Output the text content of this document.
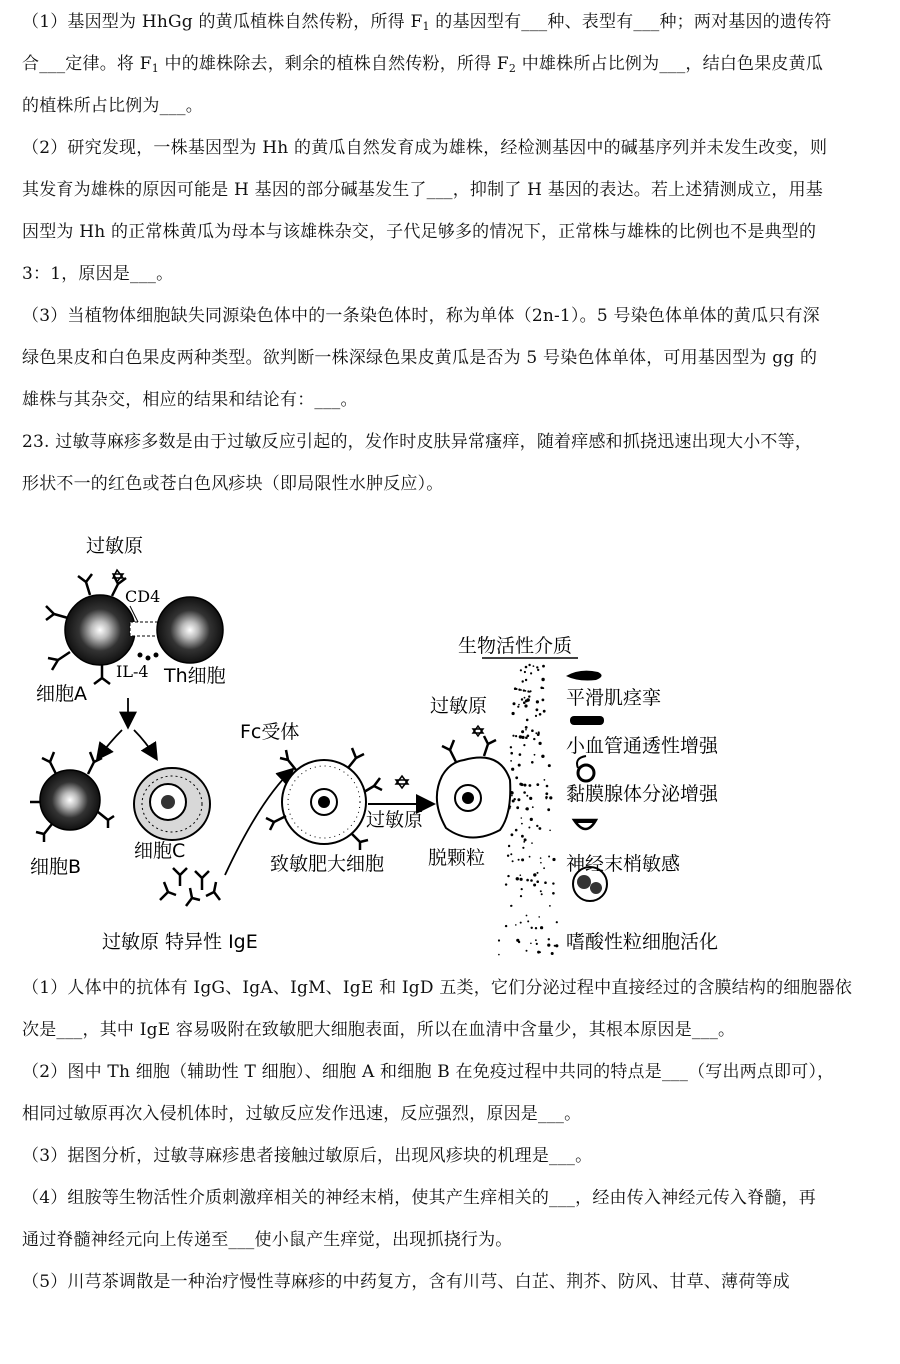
（1）基因型为 HhGg 的黄瓜植株自然传粉，所得 $F_1$ 的基因型有___种、表型有___种；两对基因的遗传符
合___定律。将 $F_1$ 中的雄株除去，剩余的植株自然传粉，所得 $F_2$ 中雄株所占比例为___，结白色果皮黄瓜
的植株所占比例为___。
（2）研究发现，一株基因型为 Hh 的黄瓜自然发育成为雄株，经检测基因中的碱基序列并未发生改变，则
其发育为雄株的原因可能是 H 基因的部分碱基发生了___，抑制了 H 基因的表达。若上述猜测成立，用基
因型为 Hh 的正常株黄瓜为母本与该雄株杂交，子代足够多的情况下，正常株与雄株的比例也不是典型的
3：1，原因是___。
（3）当植物体细胞缺失同源染色体中的一条染色体时，称为单体（2n-1）。5 号染色体单体的黄瓜只有深
绿色果皮和白色果皮两种类型。欲判断一株深绿色果皮黄瓜是否为 5 号染色体单体，可用基因型为 gg 的
雄株与其杂交，相应的结果和结论有：___。
23. 过敏荨麻疹多数是由于过敏反应引起的，发作时皮肤异常瘙痒，随着痒感和抓挠迅速出现大小不等，
形状不一的红色或苍白色风疹块（即局限性水肿反应）。
过敏原
CD4
IL-4
细胞A
Th细胞
细胞B
细胞C
过敏原 特异性 IgE
Fc受体
致敏肥大细胞
过敏原
过敏原
脱颗粒
生物活性介质
平滑肌痉挛
小血管通透性增强
黏膜腺体分泌增强
神经末梢敏感
嗜酸性粒细胞活化
（1）人体中的抗体有 IgG、IgA、IgM、IgE 和 IgD 五类，它们分泌过程中直接经过的含膜结构的细胞器依
次是___，其中 IgE 容易吸附在致敏肥大细胞表面，所以在血清中含量少，其根本原因是___。
（2）图中 Th 细胞（辅助性 T 细胞）、细胞 A 和细胞 B 在免疫过程中共同的特点是___（写出两点即可），
相同过敏原再次入侵机体时，过敏反应发作迅速，反应强烈，原因是___。
（3）据图分析，过敏荨麻疹患者接触过敏原后，出现风疹块的机理是___。
（4）组胺等生物活性介质刺激痒相关的神经末梢，使其产生痒相关的___，经由传入神经元传入脊髓，再
通过脊髓神经元向上传递至___使小鼠产生痒觉，出现抓挠行为。
（5）川芎茶调散是一种治疗慢性荨麻疹的中药复方，含有川芎、白芷、荆芥、防风、甘草、薄荷等成
